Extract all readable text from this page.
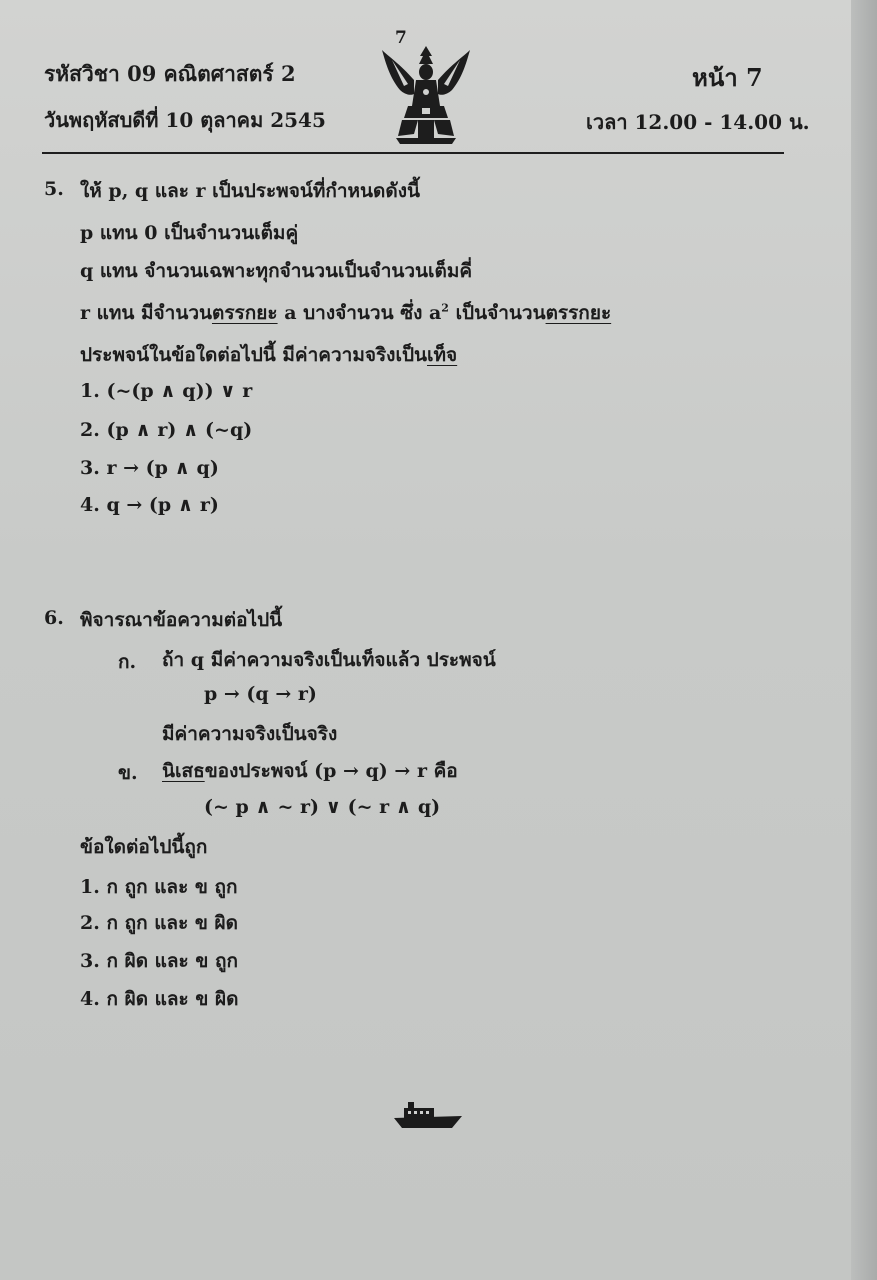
รหัสวิชา 09 คณิตศาสตร์ 2
7
หน้า 7
วันพฤหัสบดีที่ 10 ตุลาคม 2545	เวลา 12.00 - 14.00 น.
5. ให้ p, q และ r เป็นประพจน์ที่กำหนดดังนี้
p แทน 0 เป็นจำนวนเต็มคู่
q แทน จำนวนเฉพาะทุกจำนวนเป็นจำนวนเต็มคี่
r แทน มีจำนวนตรรกยะ a บางจำนวน ซึ่ง $a^2$ เป็นจำนวนตรรกยะ
ประพจน์ในข้อใดต่อไปนี้ มีค่าความจริงเป็นเท็จ
1. (~(p ∧ q)) ∨ r
2. (p ∧ r) ∧ (~q)
3. r → (p ∧ q)
4. q → (p ∧ r)
6. พิจารณาข้อความต่อไปนี้
ก. ถ้า q มีค่าความจริงเป็นเท็จแล้ว ประพจน์
p → (q → r)
มีค่าความจริงเป็นจริง
ข. นิเสธของประพจน์ (p → q) → r คือ
(~ p ∧ ~ r) ∨ (~ r ∧ q)
ข้อใดต่อไปนี้ถูก
1. ก ถูก และ ข ถูก
2. ก ถูก และ ข ผิด
3. ก ผิด และ ข ถูก
4. ก ผิด และ ข ผิด
